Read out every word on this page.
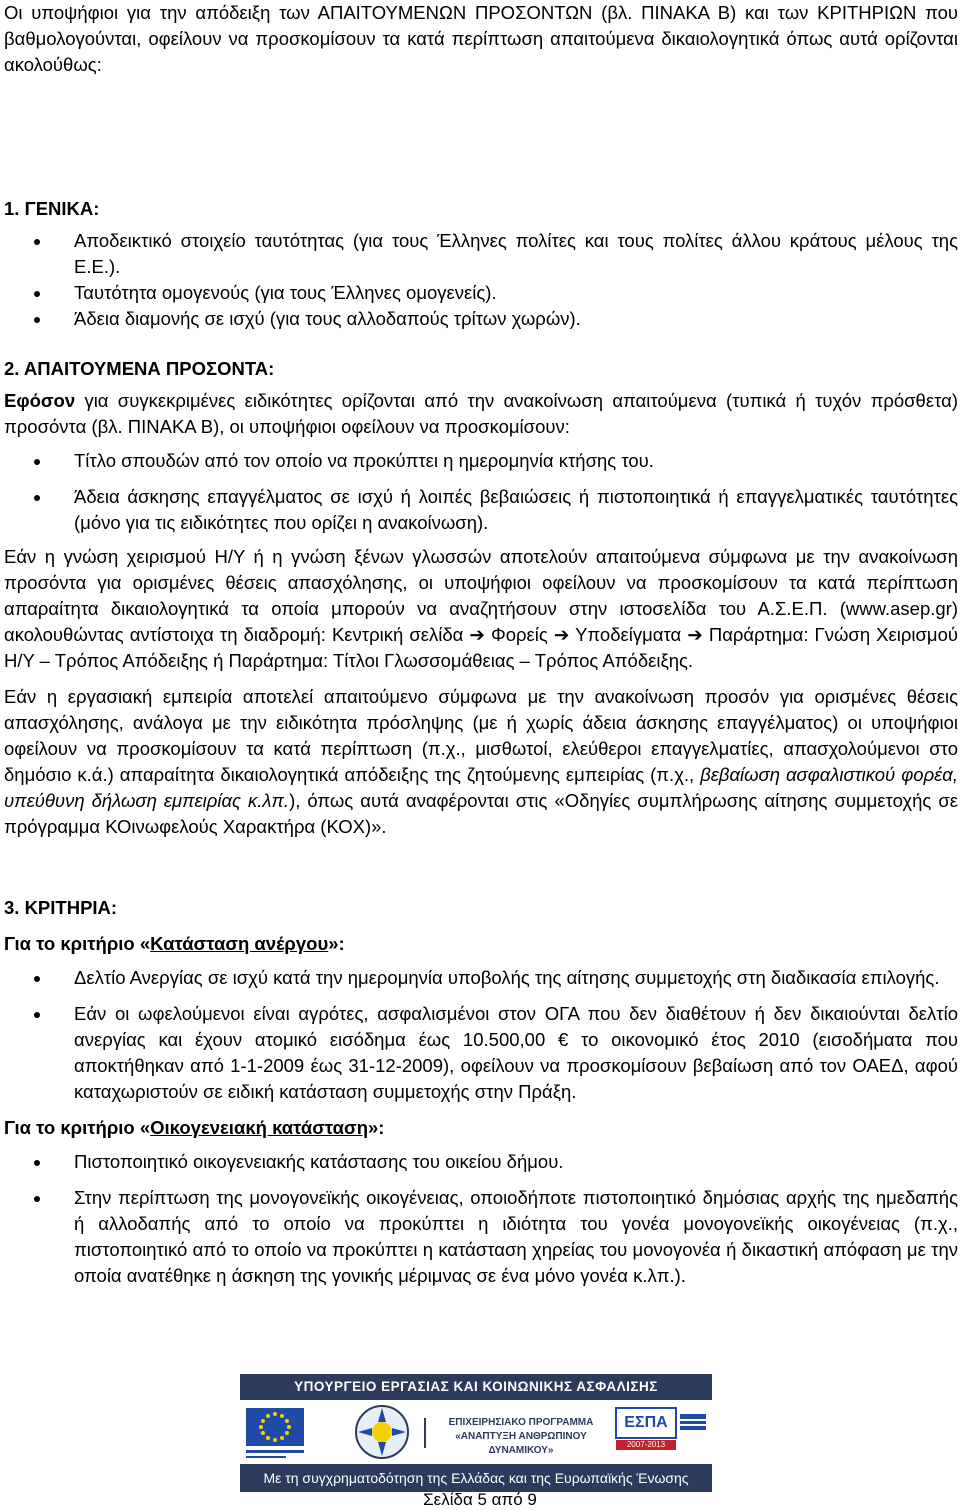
Οι υποψήφιοι για την απόδειξη των ΑΠΑΙΤΟΥΜΕΝΩΝ ΠΡΟΣΟΝΤΩΝ (βλ. ΠΙΝΑΚΑ Β) και των ΚΡΙΤΗΡΙΩΝ που βαθμολογούνται, οφείλουν να προσκομίσουν τα κατά περίπτωση απαιτούμενα δικαιολογητικά όπως αυτά ορίζονται ακολούθως:

1. ΓΕΝΙΚΑ:

Αποδεικτικό στοιχείο ταυτότητας (για τους Έλληνες πολίτες και τους πολίτες άλλου κράτους μέλους της Ε.Ε.).
Ταυτότητα ομογενούς (για τους Έλληνες ομογενείς).
Άδεια διαμονής σε ισχύ (για τους αλλοδαπούς τρίτων χωρών).

2. ΑΠΑΙΤΟΥΜΕΝΑ ΠΡΟΣΟΝΤΑ:

Εφόσον για συγκεκριμένες ειδικότητες ορίζονται από την ανακοίνωση απαιτούμενα (τυπικά ή τυχόν πρόσθετα) προσόντα (βλ. ΠΙΝΑΚΑ Β), οι υποψήφιοι οφείλουν να προσκομίσουν:

Τίτλο σπουδών από τον οποίο να προκύπτει η ημερομηνία κτήσης του.
Άδεια άσκησης επαγγέλματος σε ισχύ ή λοιπές βεβαιώσεις ή πιστοποιητικά ή επαγγελματικές ταυτότητες (μόνο για τις ειδικότητες που ορίζει η ανακοίνωση).

Εάν η γνώση χειρισμού Η/Υ ή η γνώση ξένων γλωσσών αποτελούν απαιτούμενα σύμφωνα με την ανακοίνωση προσόντα για ορισμένες θέσεις απασχόλησης, οι υποψήφιοι οφείλουν να προσκομίσουν τα κατά περίπτωση απαραίτητα δικαιολογητικά τα οποία μπορούν να αναζητήσουν στην ιστοσελίδα του Α.Σ.Ε.Π. (www.asep.gr) ακολουθώντας αντίστοιχα τη διαδρομή: Κεντρική σελίδα ➔ Φορείς ➔ Υποδείγματα ➔ Παράρτημα: Γνώση Χειρισμού Η/Υ – Τρόπος Απόδειξης ή Παράρτημα: Τίτλοι Γλωσσομάθειας – Τρόπος Απόδειξης.

Εάν η εργασιακή εμπειρία αποτελεί απαιτούμενο σύμφωνα με την ανακοίνωση προσόν για ορισμένες θέσεις απασχόλησης, ανάλογα με την ειδικότητα πρόσληψης (με ή χωρίς άδεια άσκησης επαγγέλματος) οι υποψήφιοι οφείλουν να προσκομίσουν τα κατά περίπτωση (π.χ., μισθωτοί, ελεύθεροι επαγγελματίες, απασχολούμενοι στο δημόσιο κ.ά.) απαραίτητα δικαιολογητικά απόδειξης της ζητούμενης εμπειρίας (π.χ., βεβαίωση ασφαλιστικού φορέα, υπεύθυνη δήλωση εμπειρίας κ.λπ.), όπως αυτά αναφέρονται στις «Οδηγίες συμπλήρωσης αίτησης συμμετοχής σε πρόγραμμα ΚΟινωφελούς Χαρακτήρα (ΚΟΧ)».

3. ΚΡΙΤΗΡΙΑ:

Για το κριτήριο «Κατάσταση ανέργου»:

Δελτίο Ανεργίας σε ισχύ κατά την ημερομηνία υποβολής της αίτησης συμμετοχής στη διαδικασία επιλογής.
Εάν οι ωφελούμενοι είναι αγρότες, ασφαλισμένοι στον ΟΓΑ που δεν διαθέτουν ή δεν δικαιούνται δελτίο ανεργίας και έχουν ατομικό εισόδημα έως 10.500,00 € το οικονομικό έτος 2010 (εισοδήματα που αποκτήθηκαν από 1-1-2009 έως 31-12-2009), οφείλουν να προσκομίσουν βεβαίωση από τον ΟΑΕΔ, αφού καταχωριστούν σε ειδική κατάσταση συμμετοχής στην Πράξη.

Για το κριτήριο «Οικογενειακή κατάσταση»:

Πιστοποιητικό οικογενειακής κατάστασης του οικείου δήμου.
Στην περίπτωση της μονογονεϊκής οικογένειας, οποιοδήποτε πιστοποιητικό δημόσιας αρχής της ημεδαπής ή αλλοδαπής από το οποίο να προκύπτει η ιδιότητα του γονέα μονογονεϊκής οικογένειας (π.χ., πιστοποιητικό από το οποίο να προκύπτει η κατάσταση χηρείας του μονογονέα ή δικαστική απόφαση με την οποία ανατέθηκε η άσκηση της γονικής μέριμνας σε ένα μόνο γονέα κ.λπ.).
ΥΠΟΥΡΓΕΙΟ ΕΡΓΑΣΙΑΣ ΚΑΙ ΚΟΙΝΩΝΙΚΗΣ ΑΣΦΑΛΙΣΗΣ
ΕΠΙΧΕΙΡΗΣΙΑΚΟ ΠΡΟΓΡΑΜΜΑ
«ΑΝΑΠΤΥΞΗ ΑΝΘΡΩΠΙΝΟΥ ΔΥΝΑΜΙΚΟΥ»
ΕΣΠΑ
2007-2013
Με τη συγχρηματοδότηση της Ελλάδας και της Ευρωπαϊκής Ένωσης
Σελίδα 5 από 9
